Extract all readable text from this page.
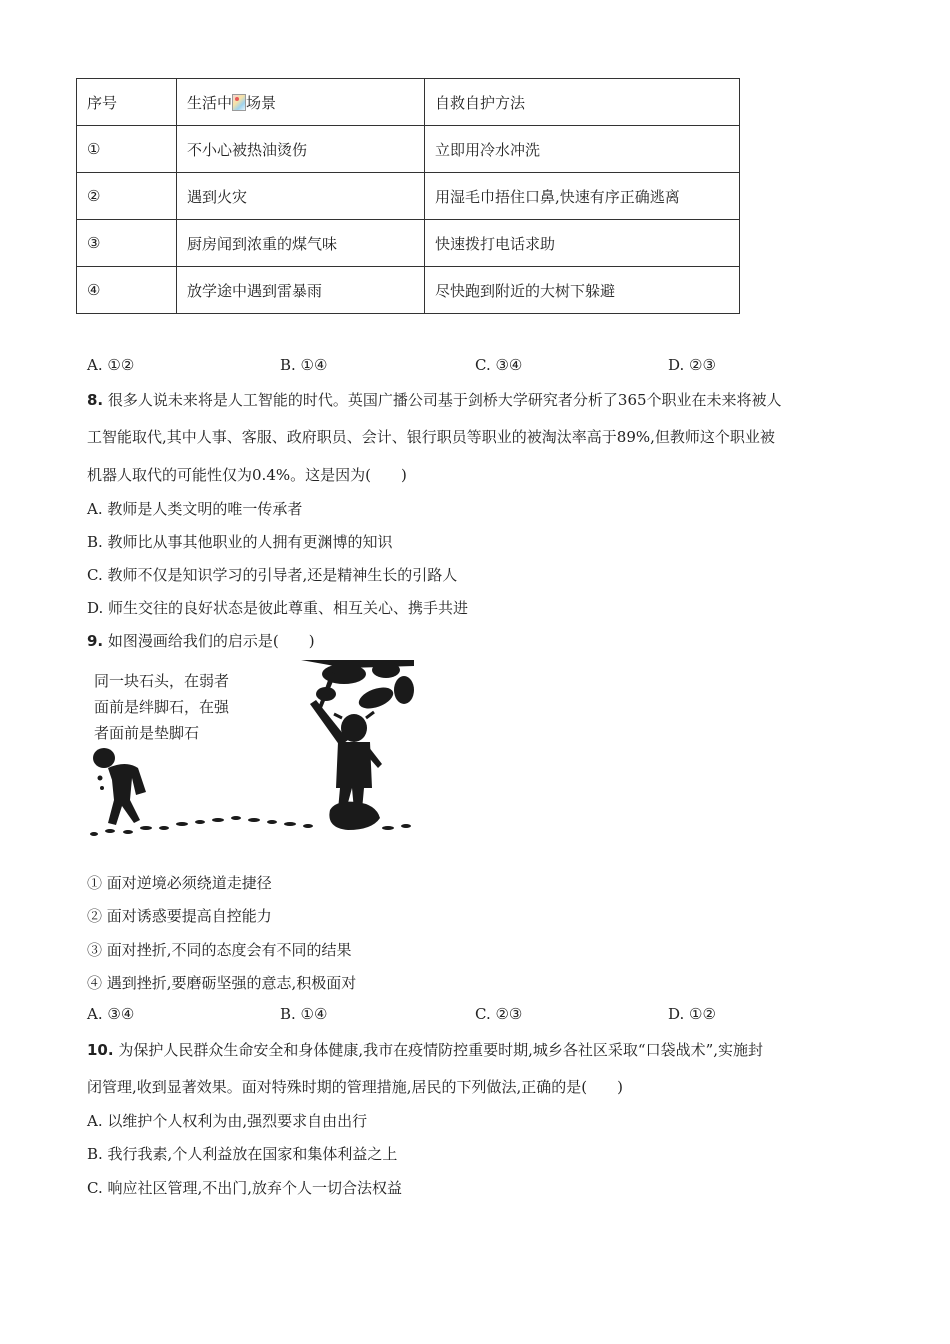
序号	生活中 场景	自救自护方法
①	不小心被热油烫伤	立即用冷水冲洗
②	遇到火灾	用湿毛巾捂住口鼻,快速有序正确逃离
③	厨房闻到浓重的煤气味	快速拨打电话求助
④	放学途中遇到雷暴雨	尽快跑到附近的大树下躲避
A. ①②	B. ①④	C. ③④	D. ②③
8. 很多人说未来将是人工智能的时代。英国广播公司基于剑桥大学研究者分析了365个职业在未来将被人
工智能取代,其中人事、客服、政府职员、会计、银行职员等职业的被淘汰率高于89%,但教师这个职业被
机器人取代的可能性仅为0.4%。这是因为(　　)
A. 教师是人类文明的唯一传承者
B. 教师比从事其他职业的人拥有更渊博的知识
C. 教师不仅是知识学习的引导者,还是精神生长的引路人
D. 师生交往的良好状态是彼此尊重、相互关心、携手共进
9. 如图漫画给我们的启示是(　　)
同一块石头，在弱者
面前是绊脚石，在强
者面前是垫脚石
① 面对逆境必须绕道走捷径
② 面对诱惑要提高自控能力
③ 面对挫折,不同的态度会有不同的结果
④ 遇到挫折,要磨砺坚强的意志,积极面对
A. ③④	B. ①④	C. ②③	D. ①②
10. 为保护人民群众生命安全和身体健康,我市在疫情防控重要时期,城乡各社区采取“口袋战术”,实施封
闭管理,收到显著效果。面对特殊时期的管理措施,居民的下列做法,正确的是(　　)
A. 以维护个人权利为由,强烈要求自由出行
B. 我行我素,个人利益放在国家和集体利益之上
C. 响应社区管理,不出门,放弃个人一切合法权益
